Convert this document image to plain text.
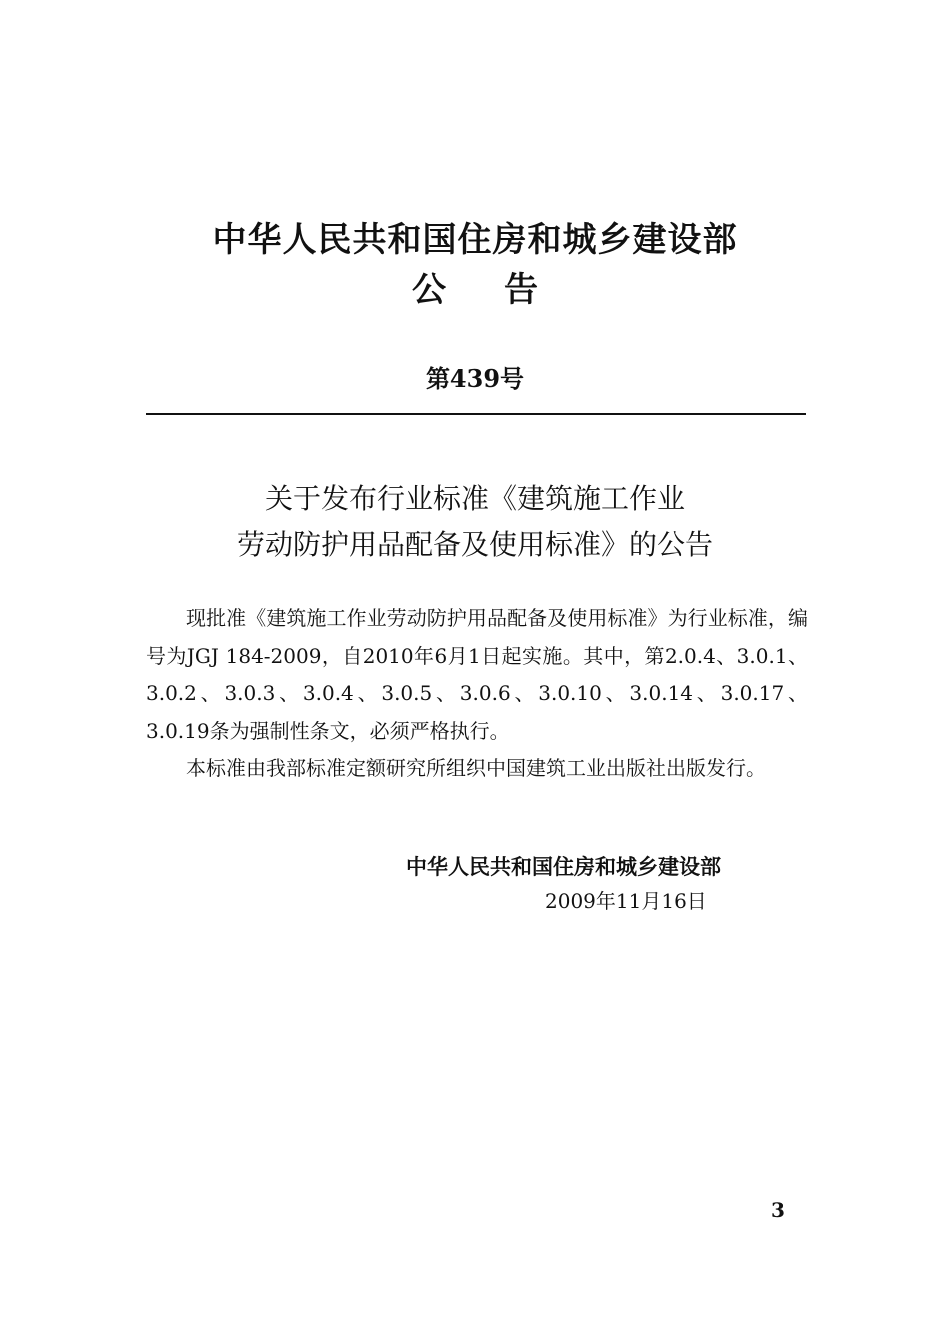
中华人民共和国住房和城乡建设部
公告
第439号
关于发布行业标准《建筑施工作业
劳动防护用品配备及使用标准》的公告

现批准《建筑施工作业劳动防护用品配备及使用标准》为行业标准，编号为JGJ 184-2009，自2010年6月1日起实施。其中，第2.0.4、3.0.1、3.0.2、3.0.3、3.0.4、3.0.5、3.0.6、3.0.10、3.0.14、3.0.17、3.0.19条为强制性条文，必须严格执行。

本标准由我部标准定额研究所组织中国建筑工业出版社出版发行。

中华人民共和国住房和城乡建设部
2009年11月16日
3
